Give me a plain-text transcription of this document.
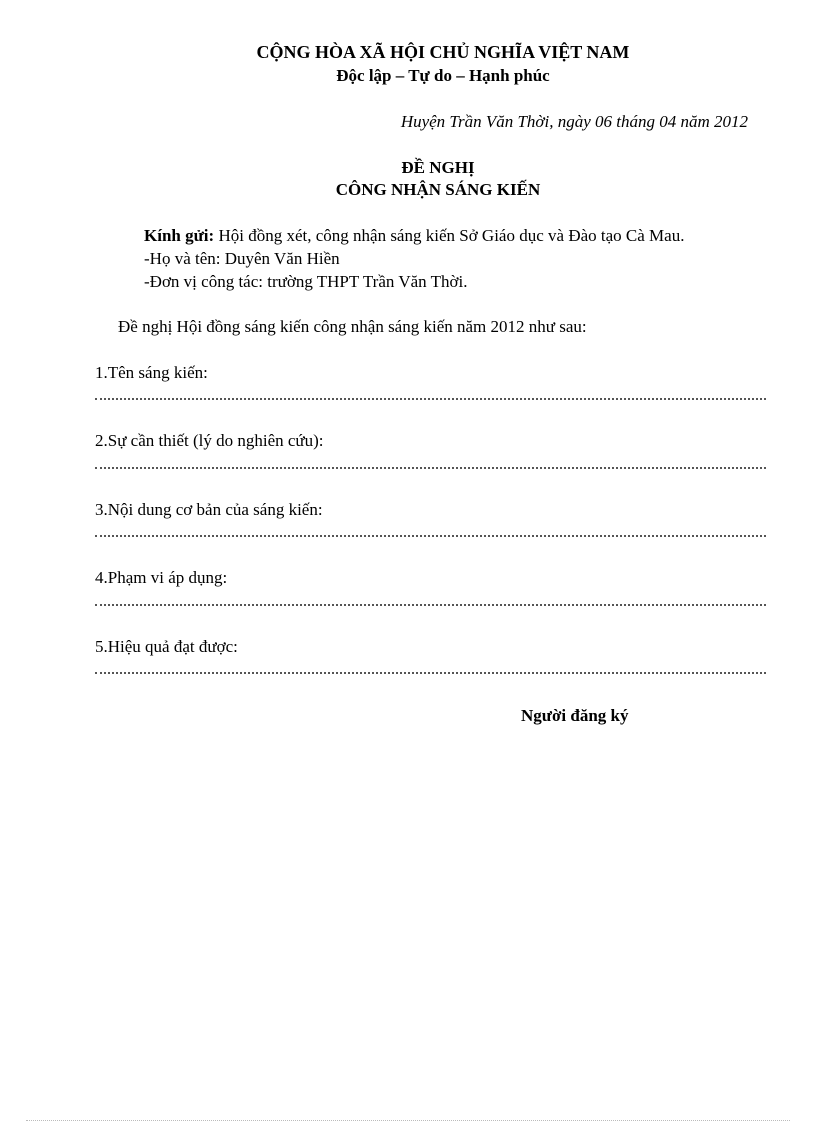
CỘNG HÒA XÃ HỘI CHỦ NGHĨA VIỆT NAM
Độc lập – Tự do – Hạnh phúc
Huyện Trần Văn Thời, ngày 06 tháng 04 năm 2012
ĐỀ NGHỊ
CÔNG NHẬN SÁNG KIẾN
Kính gửi: Hội đồng xét, công nhận sáng kiến Sở Giáo dục và Đào tạo Cà Mau.
-Họ và tên: Duyên Văn Hiền
-Đơn vị công tác: trường THPT Trần Văn Thời.
Đề nghị Hội đồng sáng kiến công nhận sáng kiến năm 2012 như sau:
1.Tên sáng kiến:
2.Sự cần thiết (lý do nghiên cứu):
3.Nội dung cơ bản của sáng kiến:
4.Phạm vi áp dụng:
5.Hiệu quả đạt được:
Người đăng ký
